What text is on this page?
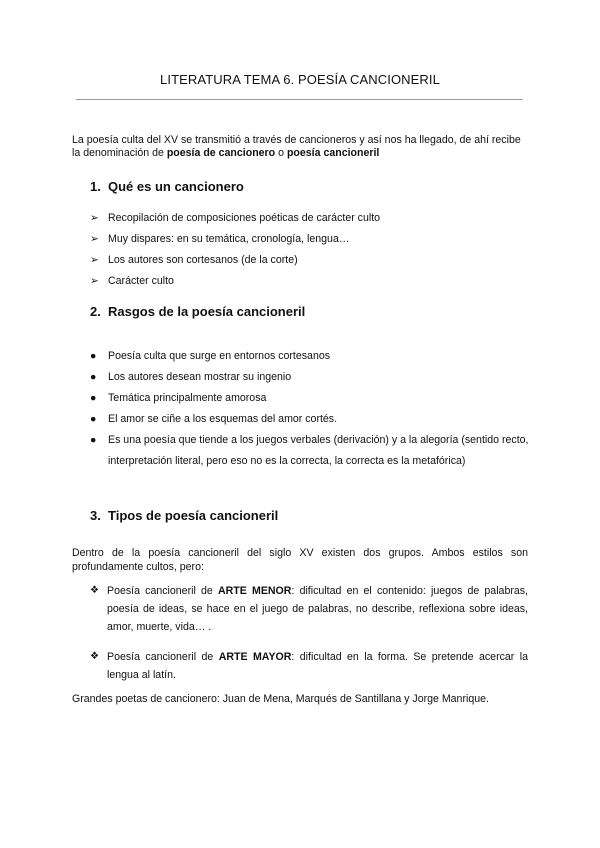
LITERATURA TEMA 6. POESÍA CANCIONERIL
La poesía culta del XV se transmitió a través de cancioneros y así nos ha llegado, de ahí recibe la denominación de poesía de cancionero o poesía cancioneril
1. Qué es un cancionero
➢ Recopilación de composiciones poéticas de carácter culto
➢ Muy dispares: en su temática, cronología, lengua…
➢ Los autores son cortesanos (de la corte)
➢ Carácter culto
2. Rasgos de la poesía cancioneril
●	Poesía culta que surge en entornos cortesanos
●	Los autores desean mostrar su ingenio
●	Temática principalmente amorosa
●	El amor se ciñe a los esquemas del amor cortés.
●	Es una poesía que tiende a los juegos verbales (derivación) y a la alegoría (sentido recto, interpretación literal, pero eso no es la correcta, la correcta es la metafórica)
3. Tipos de poesía cancioneril
Dentro de la poesía cancioneril del siglo XV existen dos grupos. Ambos estilos son profundamente cultos, pero:
❖ Poesía cancioneril de ARTE MENOR: dificultad en el contenido: juegos de palabras, poesía de ideas, se hace en el juego de palabras, no describe, reflexiona sobre ideas, amor, muerte, vida… .
❖ Poesía cancioneril de ARTE MAYOR: dificultad en la forma. Se pretende acercar la lengua al latín.
Grandes poetas de cancionero: Juan de Mena, Marqués de Santillana y Jorge Manrique.
